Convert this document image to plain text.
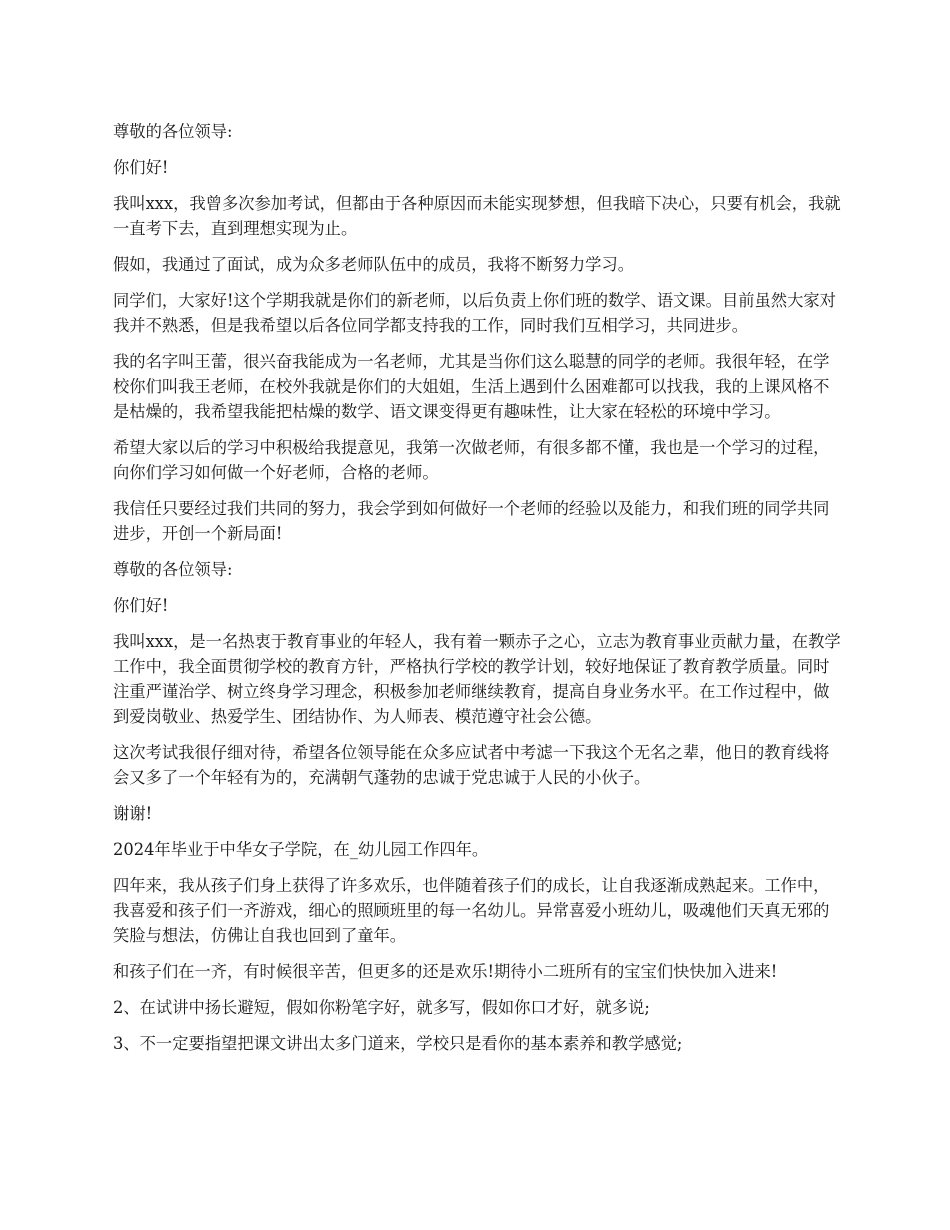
尊敬的各位领导:

你们好!

我叫xxx，我曾多次参加考试，但都由于各种原因而未能实现梦想，但我暗下决心，只要有机会，我就一直考下去，直到理想实现为止。

假如，我通过了面试，成为众多老师队伍中的成员，我将不断努力学习。

同学们，大家好!这个学期我就是你们的新老师，以后负责上你们班的数学、语文课。目前虽然大家对我并不熟悉，但是我希望以后各位同学都支持我的工作，同时我们互相学习，共同进步。

我的名字叫王蕾，很兴奋我能成为一名老师，尤其是当你们这么聪慧的同学的老师。我很年轻，在学校你们叫我王老师，在校外我就是你们的大姐姐，生活上遇到什么困难都可以找我，我的上课风格不是枯燥的，我希望我能把枯燥的数学、语文课变得更有趣味性，让大家在轻松的环境中学习。

希望大家以后的学习中积极给我提意见，我第一次做老师，有很多都不懂，我也是一个学习的过程，向你们学习如何做一个好老师，合格的老师。

我信任只要经过我们共同的努力，我会学到如何做好一个老师的经验以及能力，和我们班的同学共同进步，开创一个新局面!

尊敬的各位领导:

你们好!

我叫xxx，是一名热衷于教育事业的年轻人，我有着一颗赤子之心，立志为教育事业贡献力量，在教学工作中，我全面贯彻学校的教育方针，严格执行学校的教学计划，较好地保证了教育教学质量。同时注重严谨治学、树立终身学习理念，积极参加老师继续教育，提高自身业务水平。在工作过程中，做到爱岗敬业、热爱学生、团结协作、为人师表、模范遵守社会公德。

这次考试我很仔细对待，希望各位领导能在众多应试者中考滤一下我这个无名之辈，他日的教育线将会又多了一个年轻有为的，充满朝气蓬勃的忠诚于党忠诚于人民的小伙子。

谢谢!

2024年毕业于中华女子学院，在_幼儿园工作四年。

四年来，我从孩子们身上获得了许多欢乐，也伴随着孩子们的成长，让自我逐渐成熟起来。工作中，我喜爱和孩子们一齐游戏，细心的照顾班里的每一名幼儿。异常喜爱小班幼儿，吸魂他们天真无邪的笑脸与想法，仿佛让自我也回到了童年。

和孩子们在一齐，有时候很辛苦，但更多的还是欢乐!期待小二班所有的宝宝们快快加入进来!

2、在试讲中扬长避短，假如你粉笔字好，就多写，假如你口才好，就多说;

3、不一定要指望把课文讲出太多门道来，学校只是看你的基本素养和教学感觉;
